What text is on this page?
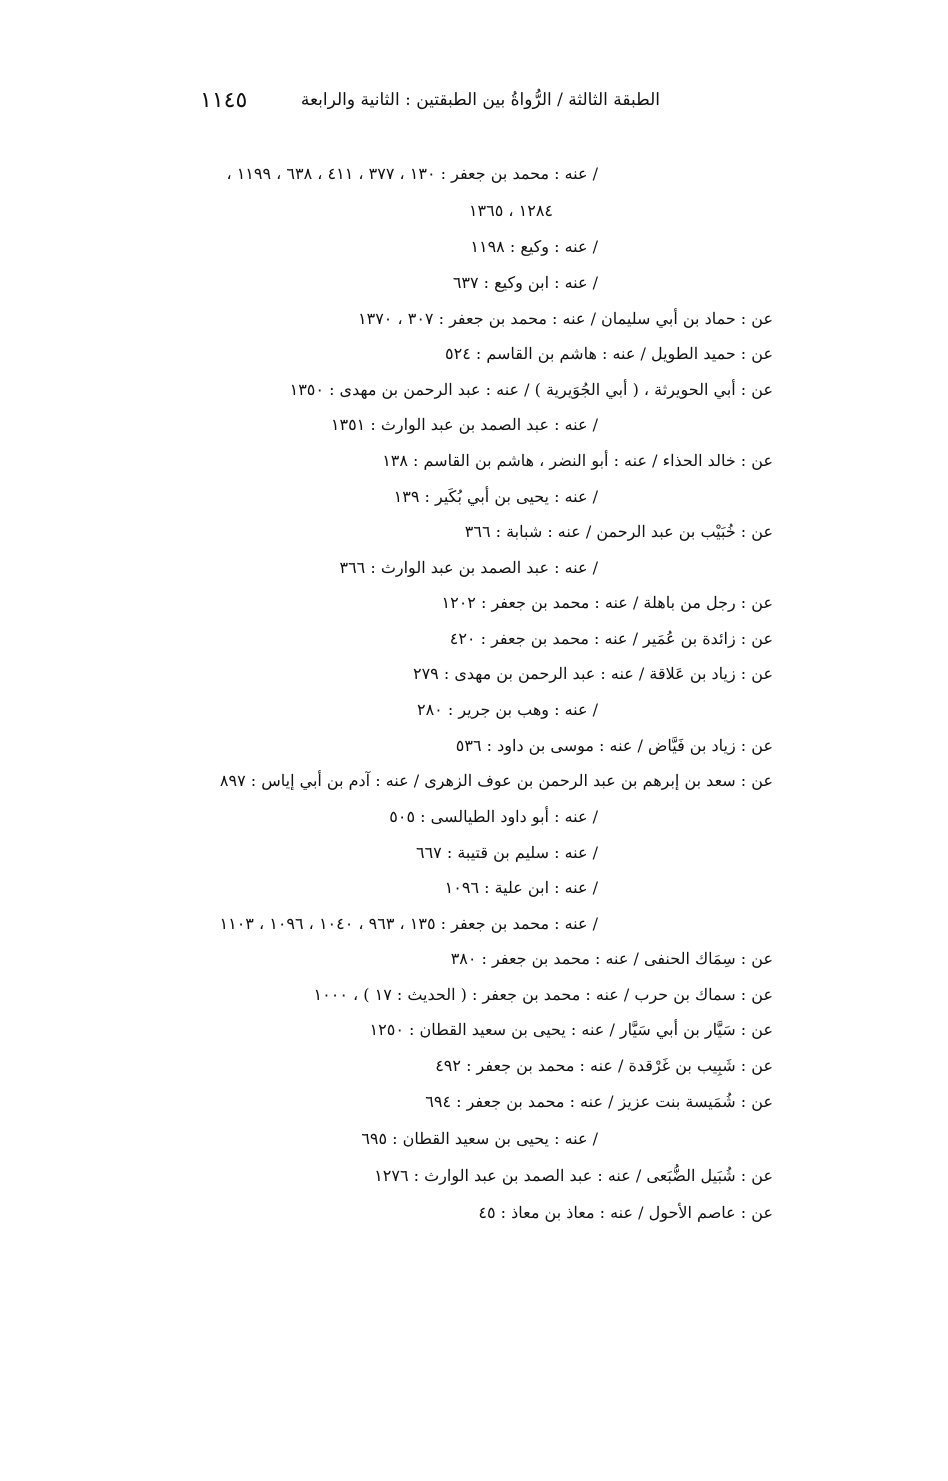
١١٤٥	الطبقة الثالثة / الرُّواةُ بين الطبقتين : الثانية والرابعة
/ عنه : محمد بن جعفر : ١٣٠ ، ٣٧٧ ، ٤١١ ، ٦٣٨ ، ١١٩٩ ،
١٢٨٤ ، ١٣٦٥
/ عنه : وكيع : ١١٩٨
/ عنه : ابن وكيع : ٦٣٧
عن : حماد بن أبي سليمان / عنه : محمد بن جعفر : ٣٠٧ ، ١٣٧٠
عن : حميد الطويل / عنه : هاشم بن القاسم : ٥٢٤
عن : أبي الحويرثة ، ( أبي الجُوَيرية ) / عنه : عبد الرحمن بن مهدى : ١٣٥٠
/ عنه : عبد الصمد بن عبد الوارث : ١٣٥١
عن : خالد الحذاء / عنه : أبو النضر ، هاشم بن القاسم : ١٣٨
/ عنه : يحيى بن أبي بُكَير : ١٣٩
عن : خُبَيْب بن عبد الرحمن / عنه : شبابة : ٣٦٦
/ عنه : عبد الصمد بن عبد الوارث : ٣٦٦
عن : رجل من باهلة / عنه : محمد بن جعفر : ١٢٠٢
عن : زائدة بن عُمَير / عنه : محمد بن جعفر : ٤٢٠
عن : زياد بن عَلاقة / عنه : عبد الرحمن بن مهدى : ٢٧٩
/ عنه : وهب بن جرير : ٢٨٠
عن : زياد بن فَيَّاض / عنه : موسى بن داود : ٥٣٦
عن : سعد بن إبرهم بن عبد الرحمن بن عوف الزهرى / عنه : آدم بن أبي إياس : ٨٩٧
/ عنه : أبو داود الطيالسى : ٥٠٥
/ عنه : سليم بن قتيبة : ٦٦٧
/ عنه : ابن علية : ١٠٩٦
/ عنه : محمد بن جعفر : ١٣٥ ، ٩٦٣ ، ١٠٤٠ ، ١٠٩٦ ، ١١٠٣
عن : سِمَاك الحنفى / عنه : محمد بن جعفر : ٣٨٠
عن : سماك بن حرب / عنه : محمد بن جعفر : ( الحديث : ١٧ ) ، ١٠٠٠
عن : سَيَّار بن أبي سَيَّار / عنه : يحيى بن سعيد القطان : ١٢٥٠
عن : شَبِيب بن غَرْقدة / عنه : محمد بن جعفر : ٤٩٢
عن : شُمَيسة بنت عزيز / عنه : محمد بن جعفر : ٦٩٤
/ عنه : يحيى بن سعيد القطان : ٦٩٥
عن : شُبَيل الضُّبَعى / عنه : عبد الصمد بن عبد الوارث : ١٢٧٦
عن : عاصم الأحول / عنه : معاذ بن معاذ : ٤٥
